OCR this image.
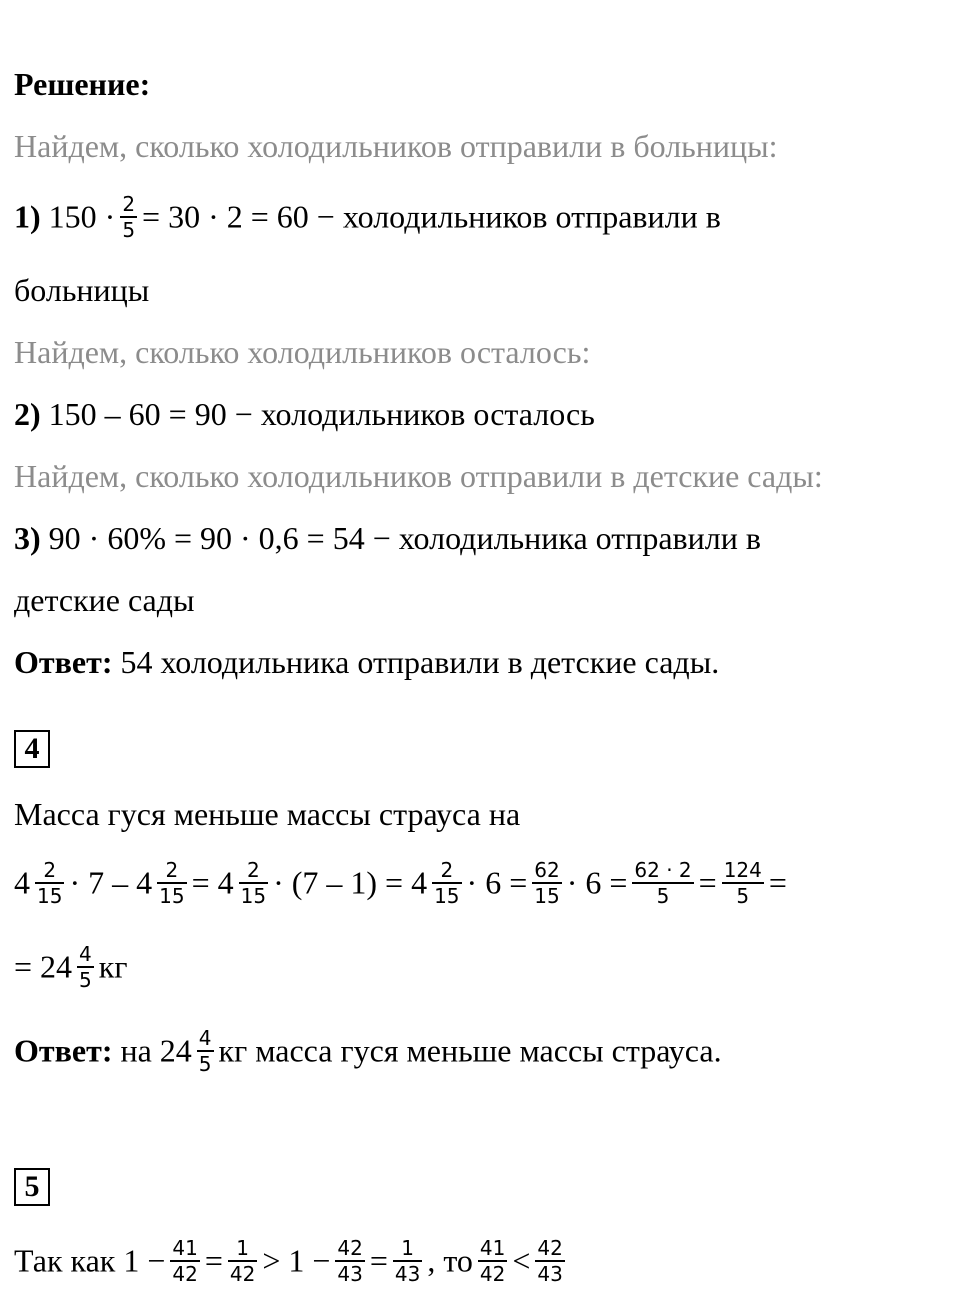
Решение:
Найдем, сколько холодильников отправили в больницы:
1) $150 \cdot \frac{2}{5} = 30 \cdot 2 = 60$ − холодильников отправили в
больницы
Найдем, сколько холодильников осталось:
2) 150 – 60 = 90 − холодильников осталось
Найдем, сколько холодильников отправили в детские сады:
3) 90 · 60% = 90 · 0,6 = 54 − холодильника отправили в
детские сады
Ответ: 54 холодильника отправили в детские сады.
4
Масса гуся меньше массы страуса на
$4 \frac{2}{15} \cdot 7 - 4 \frac{2}{15} = 4 \frac{2}{15} \cdot (7 - 1) = 4 \frac{2}{15} \cdot 6 = \frac{62}{15} \cdot 6 = \frac{62 \cdot 2}{5} = \frac{124}{5}$ =
= $24 \frac{4}{5}$ кг
Ответ: на $24 \frac{4}{5}$ кг масса гуся меньше массы страуса.
5
Так как $1 - \frac{41}{42} = \frac{1}{42} > 1 - \frac{42}{43} = \frac{1}{43}$ , то $\frac{41}{42} < \frac{42}{43}$
